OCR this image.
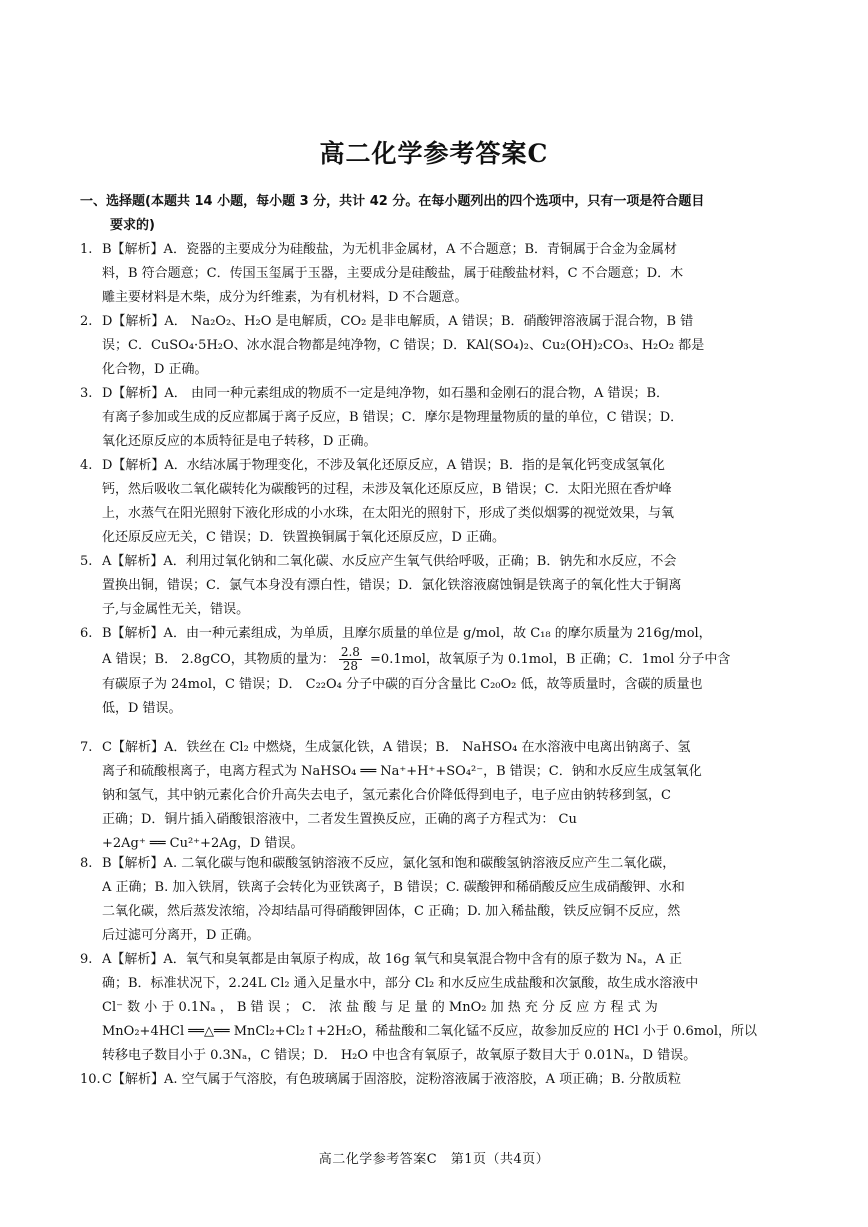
高二化学参考答案C
一、选择题(本题共 14 小题，每小题 3 分，共计 42 分。在每小题列出的四个选项中，只有一项是符合题目
要求的)
1. B【解析】A．瓷器的主要成分为硅酸盐，为无机非金属材，A 不合题意；B．青铜属于合金为金属材
料，B 符合题意；C．传国玉玺属于玉器，主要成分是硅酸盐，属于硅酸盐材料，C 不合题意；D．木
雕主要材料是木柴，成分为纤维素，为有机材料，D 不合题意。
2. D【解析】A． Na₂O₂、H₂O 是电解质，CO₂ 是非电解质，A 错误；B．硝酸钾溶液属于混合物，B 错
误；C．CuSO₄·5H₂O、冰水混合物都是纯净物，C 错误；D．KAl(SO₄)₂、Cu₂(OH)₂CO₃、H₂O₂ 都是
化合物，D 正确。
3. D【解析】A． 由同一种元素组成的物质不一定是纯净物，如石墨和金刚石的混合物，A 错误；B．
有离子参加或生成的反应都属于离子反应，B 错误；C．摩尔是物理量物质的量的单位，C 错误；D．
氧化还原反应的本质特征是电子转移，D 正确。
4. D【解析】A．水结冰属于物理变化，不涉及氧化还原反应，A 错误；B．指的是氧化钙变成氢氧化
钙，然后吸收二氧化碳转化为碳酸钙的过程，未涉及氧化还原反应，B 错误；C．太阳光照在香炉峰
上，水蒸气在阳光照射下液化形成的小水珠，在太阳光的照射下，形成了类似烟雾的视觉效果，与氧
化还原反应无关，C 错误；D．铁置换铜属于氧化还原反应，D 正确。
5. A【解析】A．利用过氧化钠和二氧化碳、水反应产生氧气供给呼吸，正确；B．钠先和水反应，不会
置换出铜，错误；C．氯气本身没有漂白性，错误；D．氯化铁溶液腐蚀铜是铁离子的氧化性大于铜离
子,与金属性无关，错误。
6. B【解析】A．由一种元素组成，为单质，且摩尔质量的单位是 g/mol，故 C₁₈ 的摩尔质量为 216g/mol，
A 错误；B． 2.8gCO，其物质的量为： $\frac{2.8}{28} =0.1mol$，故氧原子为 0.1mol，B 正确；C．1mol 分子中含
有碳原子为 24mol，C 错误；D． C₂₂O₄ 分子中碳的百分含量比 C₂₀O₂ 低，故等质量时，含碳的质量也
低，D 错误。
7. C【解析】A．铁丝在 Cl₂ 中燃烧，生成氯化铁，A 错误；B． NaHSO₄ 在水溶液中电离出钠离子、氢
离子和硫酸根离子，电离方程式为 NaHSO₄ ══ Na⁺+H⁺+SO₄²⁻，B 错误；C．钠和水反应生成氢氧化
钠和氢气，其中钠元素化合价升高失去电子，氢元素化合价降低得到电子，电子应由钠转移到氢，C
正确；D．铜片插入硝酸银溶液中，二者发生置换反应，正确的离子方程式为： Cu
+2Ag⁺ ══ Cu²⁺+2Ag，D 错误。
8. B【解析】A. 二氧化碳与饱和碳酸氢钠溶液不反应，氯化氢和饱和碳酸氢钠溶液反应产生二氧化碳，
A 正确；B. 加入铁屑，铁离子会转化为亚铁离子，B 错误；C. 碳酸钾和稀硝酸反应生成硝酸钾、水和
二氧化碳，然后蒸发浓缩，冷却结晶可得硝酸钾固体，C 正确；D. 加入稀盐酸，铁反应铜不反应，然
后过滤可分离开，D 正确。
9. A【解析】A．氧气和臭氧都是由氧原子构成，故 16g 氧气和臭氧混合物中含有的原子数为 Nₐ，A 正
确；B．标准状况下，2.24L Cl₂ 通入足量水中，部分 Cl₂ 和水反应生成盐酸和次氯酸，故生成水溶液中
Cl⁻ 数 小 于 0.1Nₐ ， B 错 误 ； C． 浓 盐 酸 与 足 量 的 MnO₂ 加 热 充 分 反 应 方 程 式 为
MnO₂+4HCl ══△══ MnCl₂+Cl₂↑+2H₂O，稀盐酸和二氧化锰不反应，故参加反应的 HCl 小于 0.6mol，所以
转移电子数目小于 0.3Nₐ，C 错误；D． H₂O 中也含有氧原子，故氧原子数目大于 0.01Nₐ，D 错误。
10. C【解析】A. 空气属于气溶胶，有色玻璃属于固溶胶，淀粉溶液属于液溶胶，A 项正确；B. 分散质粒
高二化学参考答案C　第1页（共4页）
